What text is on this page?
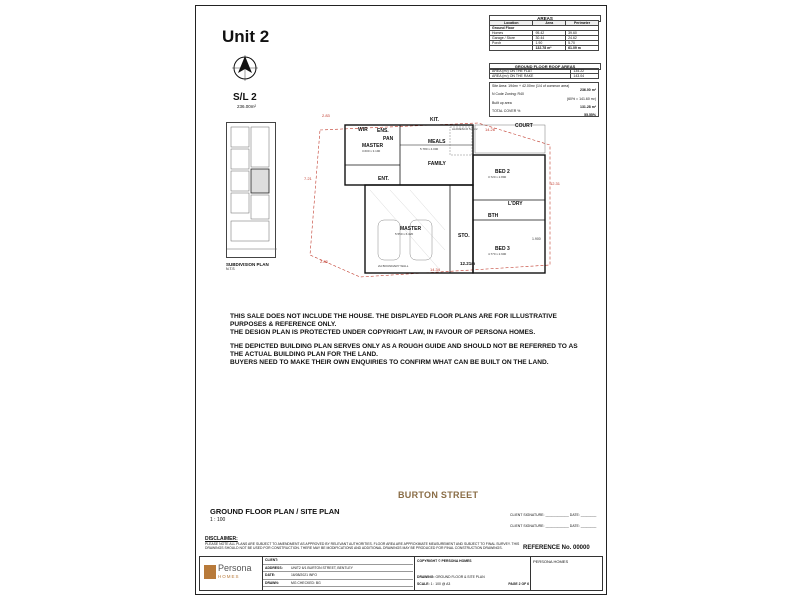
Unit 2
S/L 2
236.00m²
SUBDIVISION PLAN
N.T.S
AREAS
Location	Area	Perimeter
Ground Floor		
Homes	95.42	39.60
Garage / Store	30.44	24.62
Porch	1.90	5.70
	132.78 m²	61.09 m
GROUND FLOOR ROOF AREAS
AREA (m²) ON THE FLAT	134.22
AREA (m²) ON THE RAKE	143.04
Site Area: 194m² + 42.00m² (1/4 of common area)
236.00 m²
N Code Zoning: R40
(60% = 141.60 m²)
Built up area
131.28 m²
TOTAL COVER %
55.55%
MASTER
3.600 x 3.190
MEALS
FAMILY
5.780 x 4.000
KIT.
PAN
ENS.
WIR
ENT.
ALFRESCO 5.0 m²	COURT
BED 2
3.720 x 2.890
L'DRY
BTH
BED 3
4.770 x 2.900
MASTER
5.550 x 6.420	STO.
14.26
12.31
7.21
2.83
2.83	12.21m
14.34
1.900
2H BOUNDARY WALL

THIS SALE DOES NOT INCLUDE THE HOUSE. THE DISPLAYED FLOOR PLANS ARE FOR ILLUSTRATIVE PURPOSES & REFERENCE ONLY.
THE DESIGN PLAN IS PROTECTED UNDER COPYRIGHT LAW, IN FAVOUR OF PERSONA HOMES.

THE DEPICTED BUILDING PLAN SERVES ONLY AS A ROUGH GUIDE AND SHOULD NOT BE REFERRED TO AS THE ACTUAL BUILDING PLAN FOR THE LAND.
BUYERS NEED TO MAKE THEIR OWN ENQUIRIES TO CONFIRM WHAT CAN BE BUILT ON THE LAND.

BURTON STREET
GROUND FLOOR PLAN / SITE PLAN
1 : 100
CLIENT SIGNATURE: ____________ DATE: ________
CLIENT SIGNATURE: ____________ DATE: ________
DISCLAIMER:
PLEASE NOTE ALL PLANS ARE SUBJECT TO AMENDMENT AS APPROVED BY RELEVANT AUTHORITIES. FLOOR AREA ARE APPROXIMATE MEASUREMENT AND SUBJECT TO FINAL SURVEY. THIS DRAWINGS SHOULD NOT BE USED FOR CONSTRUCTION. THERE MAY BE MODIFICATIONS AND ADDITIONAL DRAWINGS MAY BE PRODUCED FOR FINAL CONSTRUCTION DRAWINGS.	REFERENCE No. 00000
Persona
HOMES
CLIENT:
ADDRESS:	UNIT2 6/1 BURTON STREET, BENTLEY
DATE:	16/08/2021 INFO
DRAWN:	MG CHECKED: BG
COPYRIGHT © PERSONA HOMES
DRAWING: GROUND FLOOR & SITE PLAN
SCALE: 1 : 100 @ A3	PAGE 2 OF 6
PERSONA HOMES
